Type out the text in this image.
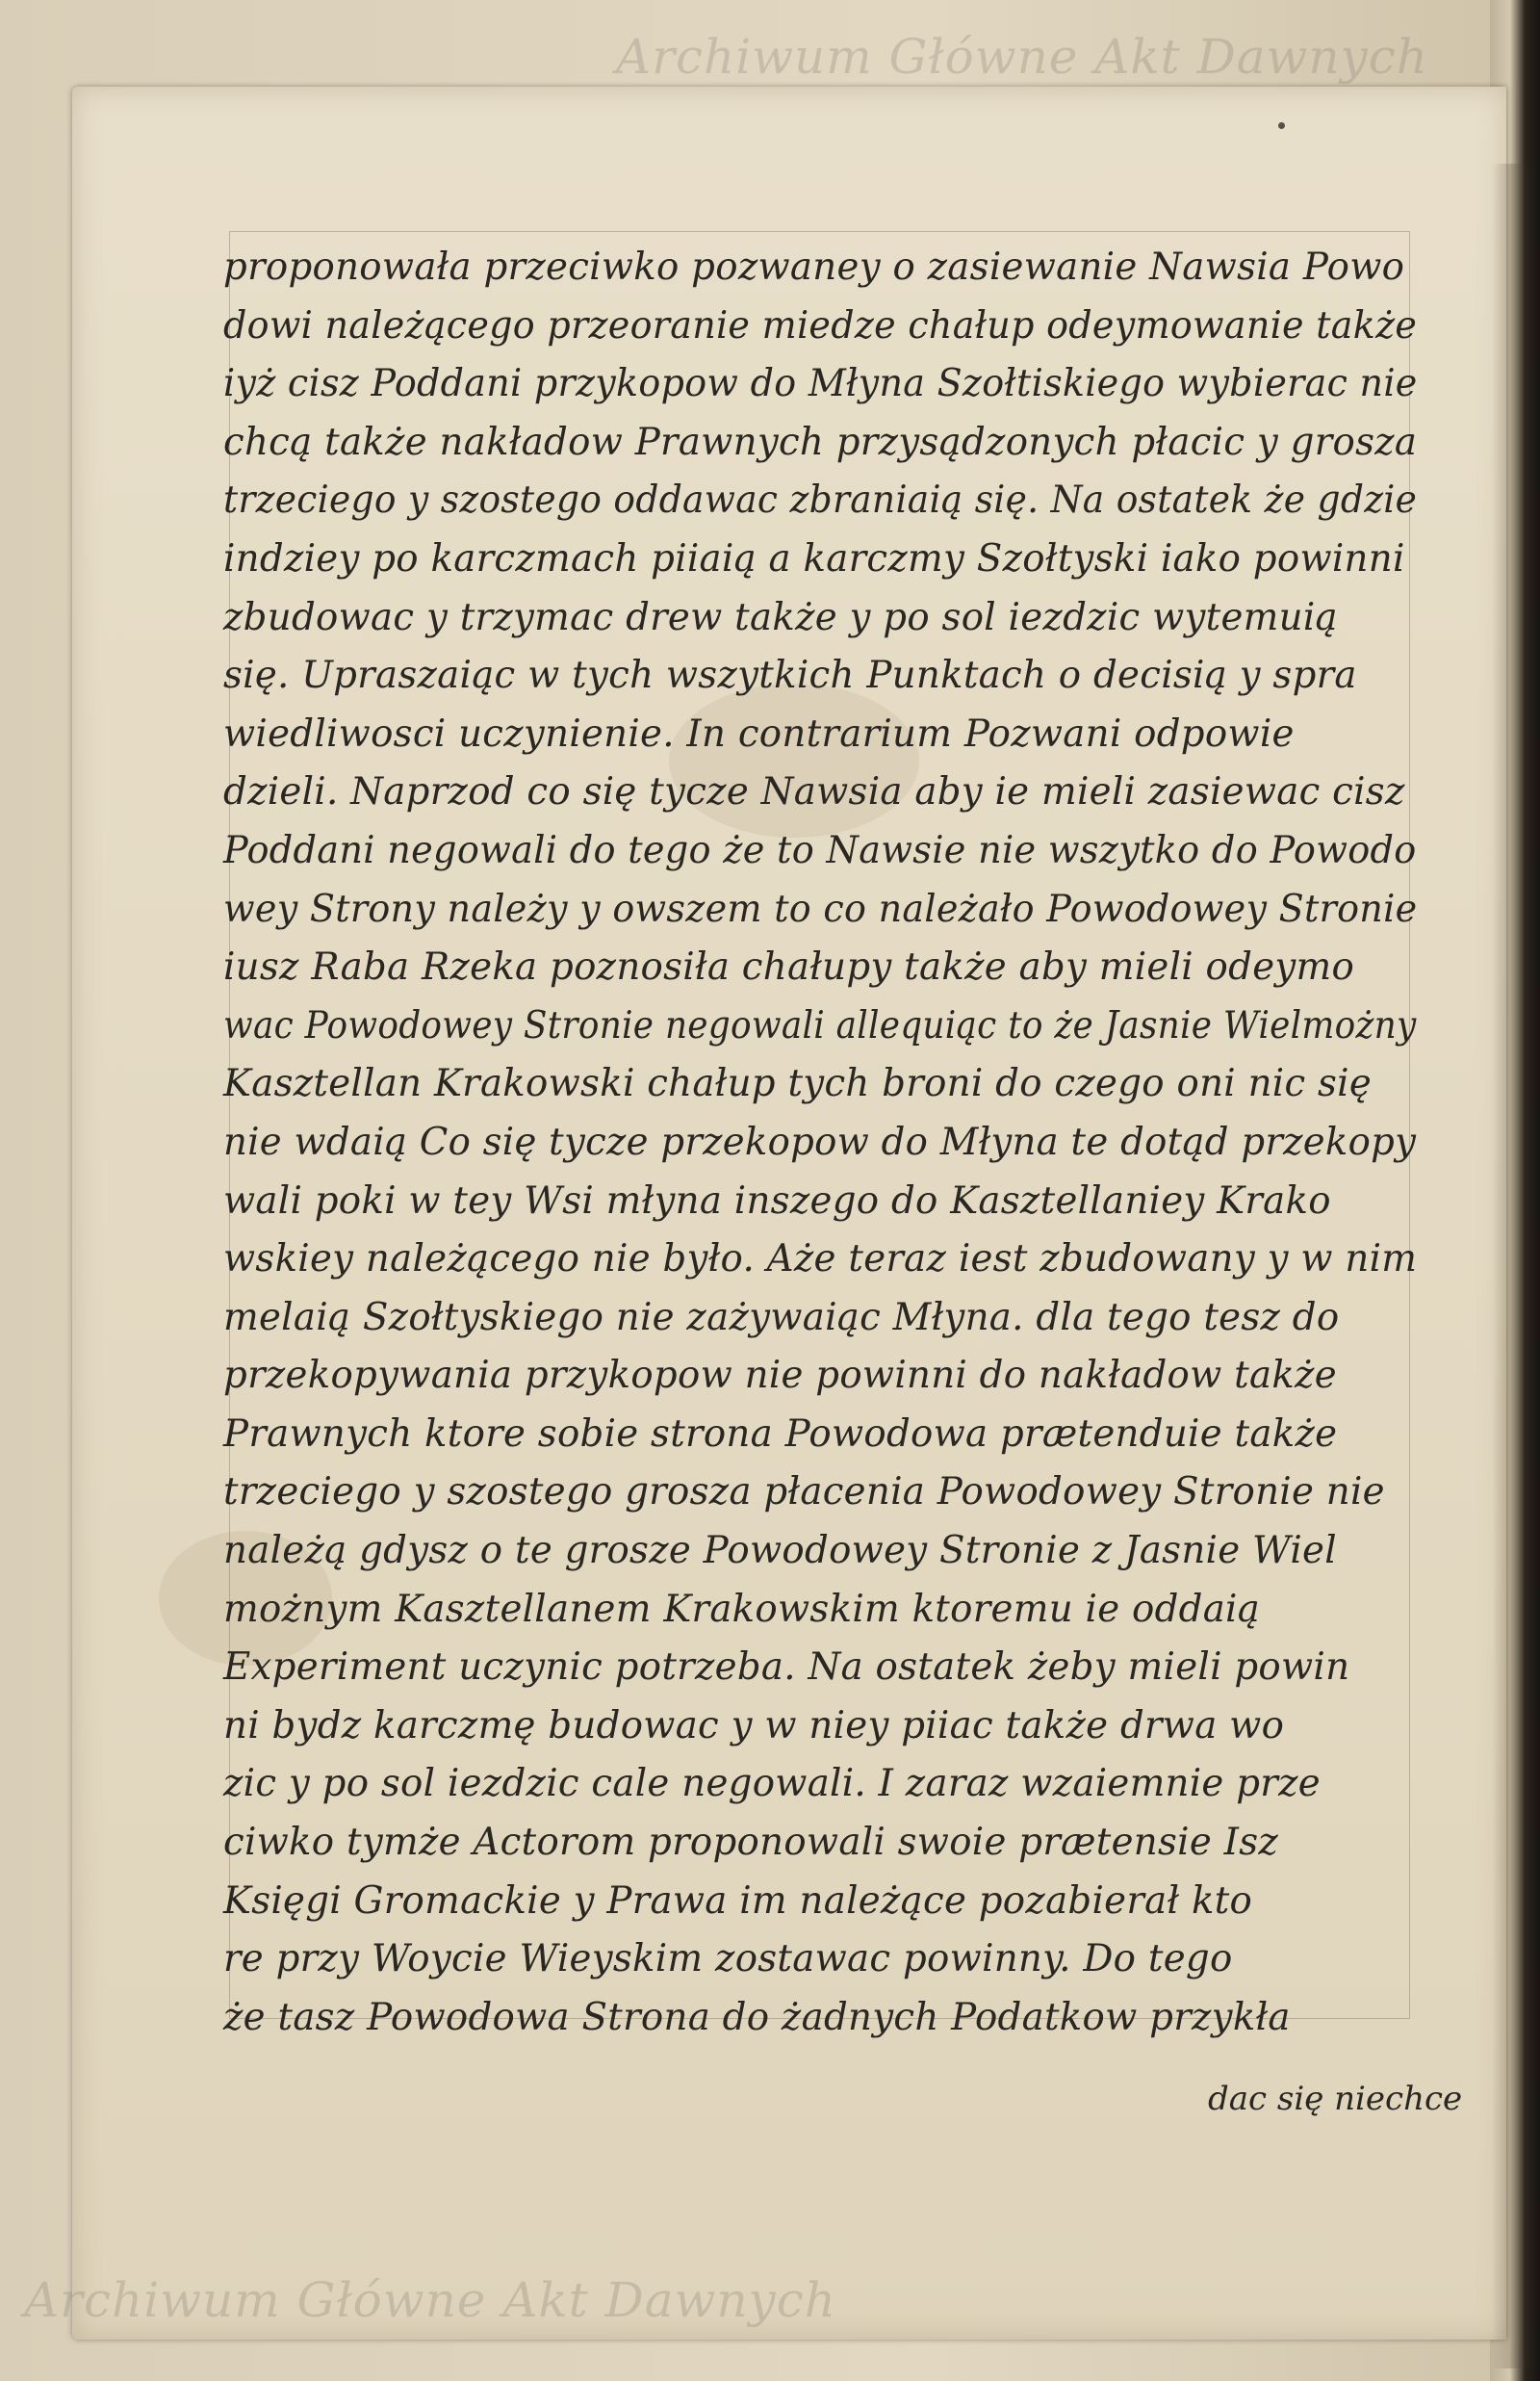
Archiwum Główne Akt Dawnych
proponowała przeciwko pozwaney o zasiewanie Nawsia Powo
dowi należącego przeoranie miedze chałup odeymowanie także
iyż cisz Poddani przykopow do Młyna Szołtiskiego wybierac nie
chcą także nakładow Prawnych przysądzonych płacic y grosza
trzeciego y szostego oddawac zbraniaią się. Na ostatek że gdzie
indziey po karczmach piiaią a karczmy Szołtyski iako powinni
zbudowac y trzymac drew także y po sol iezdzic wytemuią
się. Upraszaiąc w tych wszytkich Punktach o decisią y spra
wiedliwosci uczynienie. In contrarium Pozwani odpowie
dzieli. Naprzod co się tycze Nawsia aby ie mieli zasiewac cisz
Poddani negowali do tego że to Nawsie nie wszytko do Powodo
wey Strony należy y owszem to co należało Powodowey Stronie
iusz Raba Rzeka poznosiła chałupy także aby mieli odeymo
wac Powodowey Stronie negowali allequiąc to że Jasnie Wielmożny
Kasztellan Krakowski chałup tych broni do czego oni nic się
nie wdaią Co się tycze przekopow do Młyna te dotąd przekopy
wali poki w tey Wsi młyna inszego do Kasztellaniey Krako
wskiey należącego nie było. Aże teraz iest zbudowany y w nim
melaią Szołtyskiego nie zażywaiąc Młyna. dla tego tesz do
przekopywania przykopow nie powinni do nakładow także
Prawnych ktore sobie strona Powodowa prætenduie także
trzeciego y szostego grosza płacenia Powodowey Stronie nie
należą gdysz o te grosze Powodowey Stronie z Jasnie Wiel
możnym Kasztellanem Krakowskim ktoremu ie oddaią
Experiment uczynic potrzeba. Na ostatek żeby mieli powin
ni bydz karczmę budowac y w niey piiac także drwa wo
zic y po sol iezdzic cale negowali. I zaraz wzaiemnie prze
ciwko tymże Actorom proponowali swoie prætensie Isz
Księgi Gromackie y Prawa im należące pozabierał kto
re przy Woycie Wieyskim zostawac powinny. Do tego
że tasz Powodowa Strona do żadnych Podatkow przykła
dac się niechce
Archiwum Główne Akt Dawnych
